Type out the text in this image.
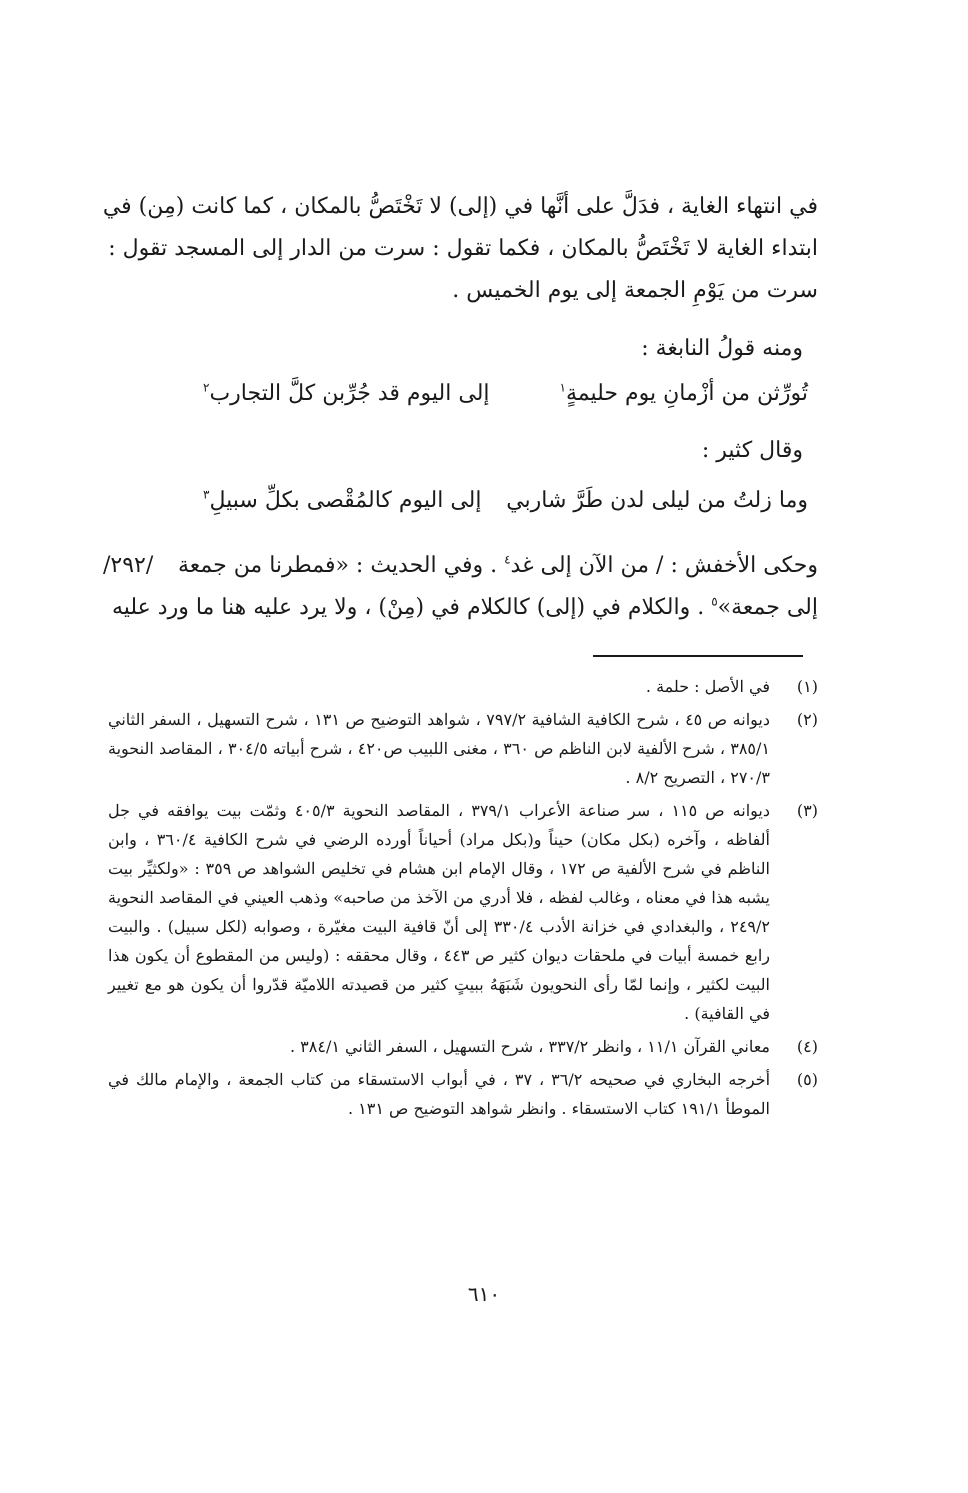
في انتهاء الغاية ، فدَلَّ على أنَّها في (إلى) لا تَخْتَصُّ بالمكان ، كما كانت (مِن) في
ابتداء الغاية لا تَخْتَصُّ بالمكان ، فكما تقول : سرت من الدار إلى المسجد تقول :
سرت من يَوْمِ الجمعة إلى يوم الخميس .
ومنه قولُ النابغة :
تُورِّثن من أزْمانِ يوم حليمةٍ$^١$
إلى اليوم قد جُرِّبن كلَّ التجارب$^٢$
وقال كثير :
وما زلتُ من ليلى لدن طَرَّ شاربي
إلى اليوم كالمُقْصى بكلِّ سبيلِ$^٣$
/٢٩٢/	وحكى الأخفش : / من الآن إلى غد$^٤$ . وفي الحديث : «فمطرنا من جمعة
إلى جمعة»$^٥$ . والكلام في (إلى) كالكلام في (مِنْ) ، ولا يرد عليه هنا ما ورد عليه
(١)
في الأصل : حلمة .
(٢)
ديوانه ص ٤٥ ، شرح الكافية الشافية ٧٩٧/٢ ، شواهد التوضيح ص ١٣١ ، شرح التسهيل ، السفر الثاني ٣٨٥/١ ، شرح الألفية لابن الناظم ص ٣٦٠ ، مغنى اللبيب ص٤٢٠ ، شرح أبياته ٣٠٤/٥ ، المقاصد النحوية ٢٧٠/٣ ، التصريح ٨/٢ .
(٣)
ديوانه ص ١١٥ ، سر صناعة الأعراب ٣٧٩/١ ، المقاصد النحوية ٤٠٥/٣ وثمّت بيت يوافقه في جل ألفاظه ، وآخره (بكل مكان) حيناً و(بكل مراد) أحياناً أورده الرضي في شرح الكافية ٣٦٠/٤ ، وابن الناظم في شرح الألفية ص ١٧٢ ، وقال الإمام ابن هشام في تخليص الشواهد ص ٣٥٩ : «ولكثيِّر بيت يشبه هذا في معناه ، وغالب لفظه ، فلا أدري من الآخذ من صاحبه» وذهب العيني في المقاصد النحوية ٢٤٩/٢ ، والبغدادي في خزانة الأدب ٣٣٠/٤ إلى أنّ قافية البيت مغيّرة ، وصوابه (لكل سبيل) . والبيت رابع خمسة أبيات في ملحقات ديوان كثير ص ٤٤٣ ، وقال محققه : (وليس من المقطوع أن يكون هذا البيت لكثير ، وإنما لمّا رأى النحويون شَبَهَهُ ببيتٍ كثير من قصيدته اللاميّة قدّروا أن يكون هو مع تغيير في القافية) .
(٤)
معاني القرآن ١١/١ ، وانظر ٣٣٧/٢ ، شرح التسهيل ، السفر الثاني ٣٨٤/١ .
(٥)
أخرجه البخاري في صحيحه ٣٦/٢ ، ٣٧ ، في أبواب الاستسقاء من كتاب الجمعة ، والإمام مالك في الموطأ ١٩١/١ كتاب الاستسقاء . وانظر شواهد التوضيح ص ١٣١ .
٦١٠
